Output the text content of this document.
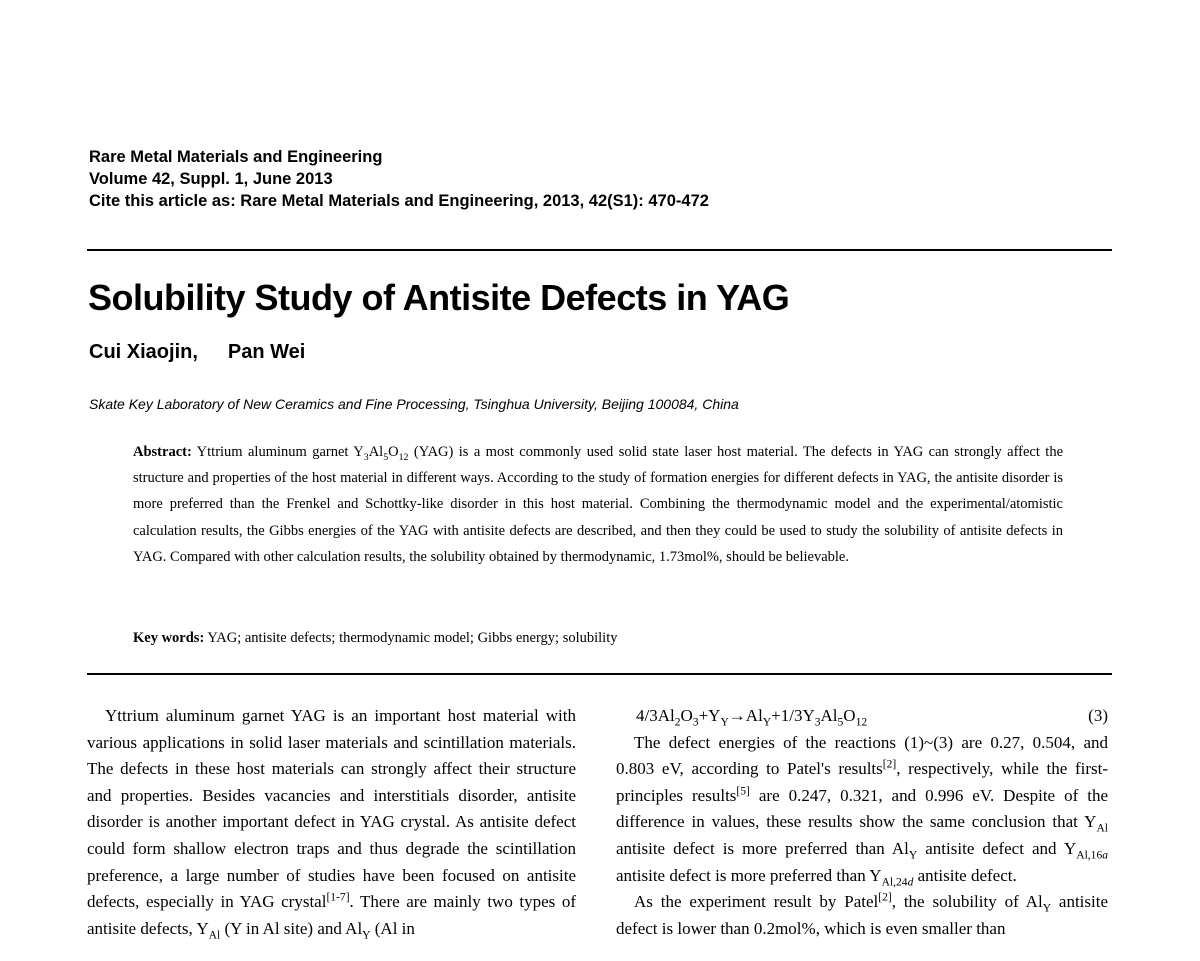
Rare Metal Materials and Engineering
Volume 42, Suppl. 1, June 2013
Cite this article as: Rare Metal Materials and Engineering, 2013, 42(S1): 470-472
Solubility Study of Antisite Defects in YAG
Cui Xiaojin, Pan Wei
Skate Key Laboratory of New Ceramics and Fine Processing, Tsinghua University, Beijing 100084, China

Abstract: Yttrium aluminum garnet $Y_3Al_5O_{12}$ (YAG) is a most commonly used solid state laser host material. The defects in YAG can strongly affect the structure and properties of the host material in different ways. According to the study of formation energies for different defects in YAG, the antisite disorder is more preferred than the Frenkel and Schottky-like disorder in this host material. Combining the thermodynamic model and the experimental/atomistic calculation results, the Gibbs energies of the YAG with antisite defects are described, and then they could be used to study the solubility of antisite defects in YAG. Compared with other calculation results, the solubility obtained by thermodynamic, 1.73mol%, should be believable.

Key words: YAG; antisite defects; thermodynamic model; Gibbs energy; solubility

Yttrium aluminum garnet YAG is an important host material with various applications in solid laser materials and scintillation materials. The defects in these host materials can strongly affect their structure and properties. Besides vacancies and interstitials disorder, antisite disorder is another important defect in YAG crystal. As antisite defect could form shallow electron traps and thus degrade the scintillation preference, a large number of studies have been focused on antisite defects, especially in YAG crystal[1-7]. There are mainly two types of antisite defects, $Y_{Al}$ (Y in Al site) and $Al_Y$ (Al in

$4/3Al_2O_3+Y_Y\to Al_Y+1/3Y_3Al_5O_{12}$	(3)

The defect energies of the reactions (1)~(3) are 0.27, 0.504, and 0.803 eV, according to Patel's results[2], respectively, while the first-principles results[5] are 0.247, 0.321, and 0.996 eV. Despite of the difference in values, these results show the same conclusion that $Y_{Al}$ antisite defect is more preferred than $Al_Y$ antisite defect and $Y_{Al,16a}$ antisite defect is more preferred than $Y_{Al,24d}$ antisite defect.

As the experiment result by Patel[2], the solubility of $Al_Y$ antisite defect is lower than 0.2mol%, which is even smaller than
